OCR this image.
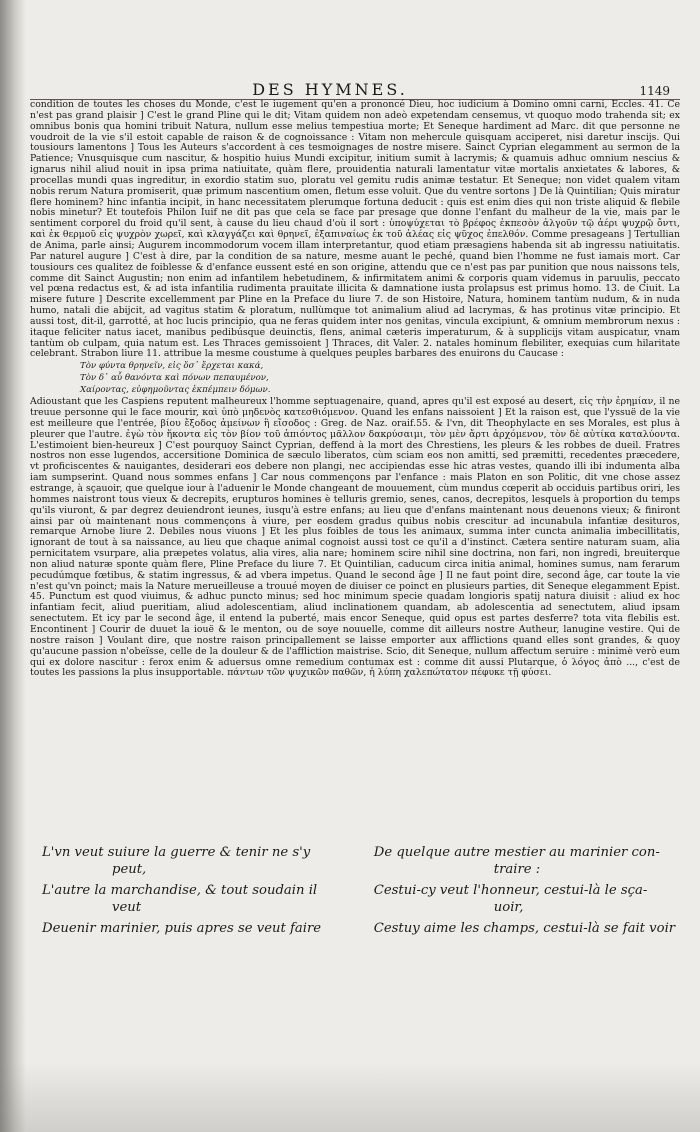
DES HYMNES.	1149

condition de toutes les choses du Monde, c'est le iugement qu'en a prononcé Dieu, hoc iudicium à Domino omni carni, Eccles. 41. Ce n'est pas grand plaisir ] C'est le grand Pline qui le dit; Vitam quidem non adeò expetendam censemus, vt quoquo modo trahenda sit; ex omnibus bonis qua homini tribuit Natura, nullum esse melius tempestiua morte; Et Seneque hardiment ad Marc. dit que personne ne voudroit de la vie s'il estoit capable de raison & de cognoissance : Vitam non mehercule quisquam acciperet, nisi daretur inscijs. Qui tousiours lamentons ] Tous les Auteurs s'accordent à ces tesmoignages de nostre misere. Sainct Cyprian elegamment au sermon de la Patience; Vnusquisque cum nascitur, & hospitio huius Mundi excipitur, initium sumit à lacrymis; & quamuis adhuc omnium nescius & ignarus nihil aliud nouit in ipsa prima natiuitate, quàm flere, prouidentia naturali lamentatur vitæ mortalis anxietates & labores, & procellas mundi quas ingreditur, in exordio statim suo, ploratu vel gemitu rudis animæ testatur. Et Seneque; non videt qualem vitam nobis rerum Natura promiserit, quæ primum nascentium omen, fletum esse voluit. Que du ventre sortons ] De là Quintilian; Quis miratur flere hominem? hinc infantia incipit, in hanc necessitatem plerumque fortuna deducit : quis est enim dies qui non triste aliquid & flebile nobis minetur? Et toutefois Philon Iuif ne dit pas que cela se face par presage que donne l'enfant du malheur de la vie, mais par le sentiment corporel du froid qu'il sent, à cause du lieu chaud d'où il sort : ὑποψύχεται τὸ βρέφος ἐκπεσὸν ἀλγοῦν τῷ ἀέρι ψυχρῷ ὄντι, καὶ ἐκ θερμοῦ εἰς ψυχρὸν χωρεῖ, καὶ κλαγγάζει καὶ θρηνεῖ, ἐξαπιναίως ἐκ τοῦ ἀλέας εἰς ψῦχος ἐπελθόν. Comme presageans ] Tertullian de Anima, parle ainsi; Augurem incommodorum vocem illam interpretantur, quod etiam præsagiens habenda sit ab ingressu natiuitatis. Par naturel augure ] C'est à dire, par la condition de sa nature, mesme auant le peché, quand bien l'homme ne fust iamais mort. Car tousiours ces qualitez de foiblesse & d'enfance eussent esté en son origine, attendu que ce n'est pas par punition que nous naissons tels, comme dit Sainct Augustin; non enim ad infantilem hebetudinem, & infirmitatem animi & corporis quam videmus in paruulis, peccato vel pœna redactus est, & ad ista infantilia rudimenta prauitate illicita & damnatione iusta prolapsus est primus homo. 13. de Ciuit. La misere future ] Descrite excellemment par Pline en la Preface du liure 7. de son Histoire, Natura, hominem tantùm nudum, & in nuda humo, natali die abijcit, ad vagitus statim & ploratum, nullùmque tot animalium aliud ad lacrymas, & has protinus vitæ principio. Et aussi tost, dit-il, garrotté, at hoc lucis principio, qua ne feras quidem inter nos genitas, vincula excipiunt, & omnium membrorum nexus : itaque feliciter natus iacet, manibus pedibúsque deuinctis, flens, animal cæteris imperaturum, & à supplicijs vitam auspicatur, vnam tantùm ob culpam, quia natum est. Les Thraces gemissoient ] Thraces, dit Valer. 2. natales hominum flebiliter, exequias cum hilaritate celebrant. Strabon liure 11. attribue la mesme coustume à quelques peuples barbares des enuirons du Caucase :

Τὸν φύντα θρηνεῖν, εἰς ὅσ᾽ ἔρχεται κακά,
Τὸν δ᾽ αὖ θανόντα καὶ πόνων πεπαυμένον,
Χαίροντας, εὐφημοῦντας ἐκπέμπειν δόμων.

Adioustant que les Caspiens reputent malheureux l'homme septuagenaire, quand, apres qu'il est exposé au desert, εἰς τὴν ἐρημίαν, il ne treuue personne qui le face mourir, καὶ ὑπὸ μηδενὸς κατεσθιόμενον. Quand les enfans naissoient ] Et la raison est, que l'yssuë de la vie est meilleure que l'entrée, βίου ἔξοδος ἀμείνων ἢ εἴσοδος : Greg. de Naz. oraif.55. & l'vn, dit Theophylacte en ses Morales, est plus à pleurer que l'autre. ἐγὼ τὸν ἥκοντα εἰς τὸν βίον τοῦ ἀπιόντος μᾶλλον δακρύσαιμι, τὸν μὲν ἄρτι ἀρχόμενον, τὸν δὲ αὐτίκα καταλύοντα. L'estimoient bien-heureux ] C'est pourquoy Sainct Cyprian, deffend à la mort des Chrestiens, les pleurs & les robbes de dueil. Fratres nostros non esse lugendos, accersitione Dominica de sæculo liberatos, cùm sciam eos non amitti, sed præmitti, recedentes præcedere, vt proficiscentes & nauigantes, desiderari eos debere non plangi, nec accipiendas esse hic atras vestes, quando illi ibi indumenta alba iam sumpserint. Quand nous sommes enfans ] Car nous commençons par l'enfance : mais Platon en son Politic, dit vne chose assez estrange, à sçauoir, que quelque iour à l'aduenir le Monde changeant de mouuement, cùm mundus cœperit ab occiduis partibus oriri, les hommes naistront tous vieux & decrepits, erupturos homines è telluris gremio, senes, canos, decrepitos, lesquels à proportion du temps qu'ils viuront, & par degrez deuiendront ieunes, iusqu'à estre enfans; au lieu que d'enfans maintenant nous deuenons vieux; & finiront ainsi par où maintenant nous commençons à viure, per eosdem gradus quibus nobis crescitur ad incunabula infantiæ desituros, remarque Arnobe liure 2. Debiles nous viuons ] Et les plus foibles de tous les animaux, summa inter cuncta animalia imbecillitatis, ignorant de tout à sa naissance, au lieu que chaque animal cognoist aussi tost ce qu'il a d'instinct. Cætera sentire naturam suam, alia pernicitatem vsurpare, alia præpetes volatus, alia vires, alia nare; hominem scire nihil sine doctrina, non fari, non ingredi, breuiterque non aliud naturæ sponte quàm flere, Pline Preface du liure 7. Et Quintilian, caducum circa initia animal, homines sumus, nam ferarum pecudúmque fœtibus, & statim ingressus, & ad vbera impetus. Quand le second âge ] Il ne faut point dire, second âge, car toute la vie n'est qu'vn poinct; mais la Nature merueilleuse a trouué moyen de diuiser ce poinct en plusieurs parties, dit Seneque elegamment Epist. 45. Punctum est quod viuimus, & adhuc puncto minus; sed hoc minimum specie quadam longioris spatij natura diuisit : aliud ex hoc infantiam fecit, aliud pueritiam, aliud adolescentiam, aliud inclinationem quandam, ab adolescentia ad senectutem, aliud ipsam senectutem. Et icy par le second âge, il entend la puberté, mais encor Seneque, quid opus est partes desferre? tota vita flebilis est. Encontinent ] Courir de duuet la iouë & le menton, ou de soye nouuelle, comme dit ailleurs nostre Autheur, lanugine vestire. Qui de nostre raison ] Voulant dire, que nostre raison principallement se laisse emporter aux afflictions quand elles sont grandes, & quoy qu'aucune passion n'obeïsse, celle de la douleur & de l'affliction maistrise. Scio, dit Seneque, nullum affectum seruire : minimè verò eum qui ex dolore nascitur : ferox enim & aduersus omne remedium contumax est : comme dit aussi Plutarque, ὁ λόγος ἀπὸ ..., c'est de toutes les passions la plus insupportable. πάντων τῶν ψυχικῶν παθῶν, ἡ λύπη χαλεπώτατον πέφυκε τῇ φύσει.

L'vn veut suiure la guerre & tenir ne s'y
peut,
L'autre la marchandise, & tout soudain il
veut
Deuenir marinier, puis apres se veut faire
De quelque autre mestier au marinier con-
traire :
Cestui-cy veut l'honneur, cestui-là le sça-
uoir,
Cestuy aime les champs, cestui-là se fait voir
